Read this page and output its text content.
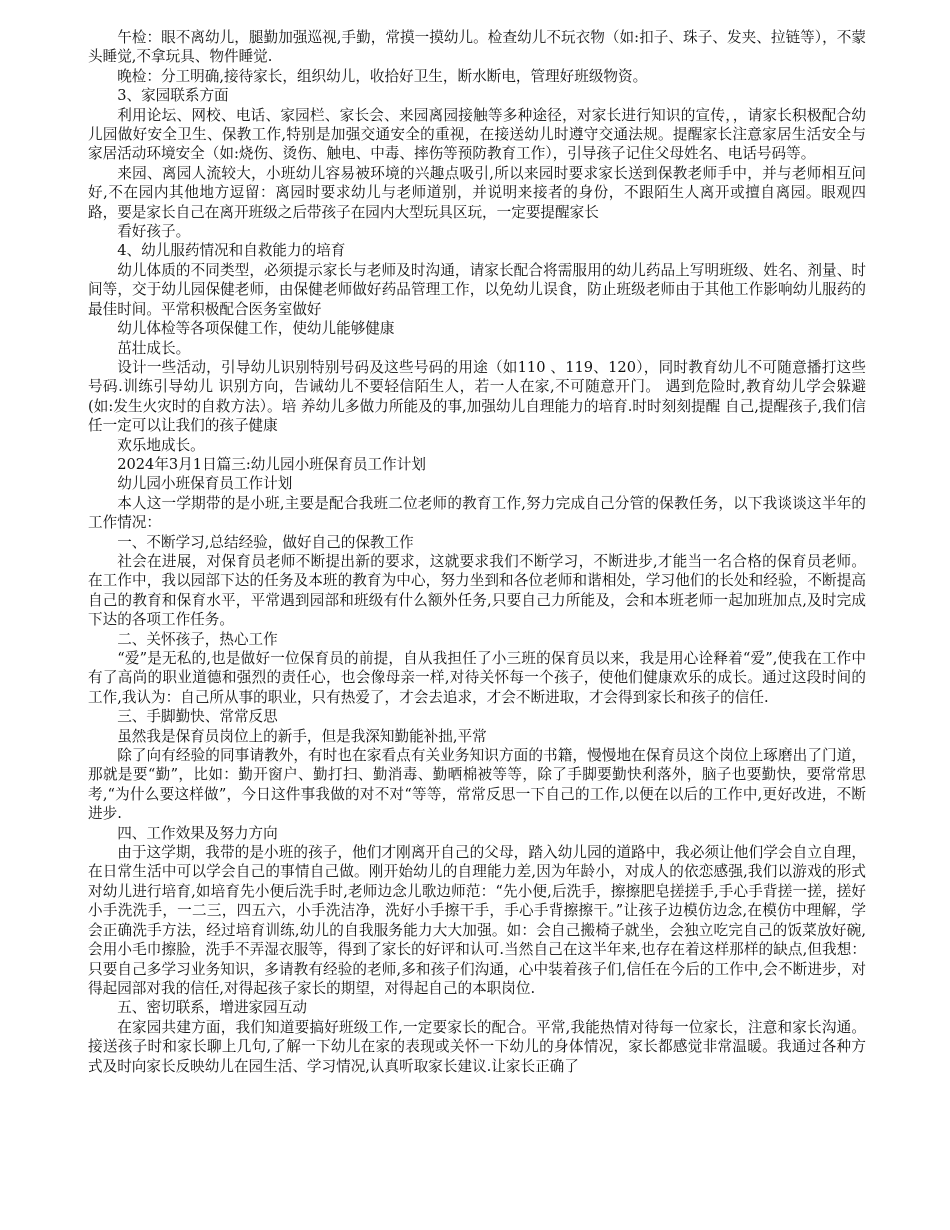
午检：眼不离幼儿，腿勤加强巡视,手勤，常摸一摸幼儿。检查幼儿不玩衣物（如:扣子、珠子、发夹、拉链等），不蒙头睡觉,不拿玩具、物件睡觉.

晚检：分工明确,接待家长，组织幼儿，收拾好卫生，断水断电，管理好班级物资。

3、家园联系方面

利用论坛、网校、电话、家园栏、家长会、来园离园接触等多种途径，对家长进行知识的宣传，，请家长积极配合幼儿园做好安全卫生、保教工作,特别是加强交通安全的重视，在接送幼儿时遵守交通法规。提醒家长注意家居生活安全与家居活动环境安全（如:烧伤、烫伤、触电、中毒、摔伤等预防教育工作），引导孩子记住父母姓名、电话号码等。

来园、离园人流较大，小班幼儿容易被环境的兴趣点吸引,所以来园时要求家长送到保教老师手中，并与老师相互问好,不在园内其他地方逗留：离园时要求幼儿与老师道别，并说明来接者的身份，不跟陌生人离开或擅自离园。眼观四路，要是家长自己在离开班级之后带孩子在园内大型玩具区玩，一定要提醒家长

看好孩子。

4、幼儿服药情况和自救能力的培育

幼儿体质的不同类型，必须提示家长与老师及时沟通，请家长配合将需服用的幼儿药品上写明班级、姓名、剂量、时间等，交于幼儿园保健老师，由保健老师做好药品管理工作，以免幼儿误食，防止班级老师由于其他工作影响幼儿服药的最佳时间。平常积极配合医务室做好

幼儿体检等各项保健工作，使幼儿能够健康

茁壮成长。

设计一些活动，引导幼儿识别特别号码及这些号码的用途（如110 、119、120），同时教育幼儿不可随意播打这些号码.训练引导幼儿 识别方向，告诫幼儿不要轻信陌生人，若一人在家,不可随意开门。 遇到危险时,教育幼儿学会躲避(如:发生火灾时的自救方法）。培 养幼儿多做力所能及的事,加强幼儿自理能力的培育.时时刻刻提醒 自己,提醒孩子,我们信任一定可以让我们的孩子健康

欢乐地成长。

2024年3月1日篇三:幼儿园小班保育员工作计划

幼儿园小班保育员工作计划

本人这一学期带的是小班,主要是配合我班二位老师的教育工作,努力完成自己分管的保教任务，以下我谈谈这半年的工作情况：

一、不断学习,总结经验，做好自己的保教工作

社会在进展，对保育员老师不断提出新的要求，这就要求我们不断学习，不断进步,才能当一名合格的保育员老师。在工作中，我以园部下达的任务及本班的教育为中心，努力坐到和各位老师和谐相处，学习他们的长处和经验，不断提高自己的教育和保育水平，平常遇到园部和班级有什么额外任务,只要自己力所能及，会和本班老师一起加班加点,及时完成下达的各项工作任务。

二、关怀孩子，热心工作

“爱”是无私的,也是做好一位保育员的前提，自从我担任了小三班的保育员以来，我是用心诠释着“爱”,使我在工作中有了高尚的职业道德和强烈的责任心，也会像母亲一样,对待关怀每一个孩子，使他们健康欢乐的成长。通过这段时间的工作,我认为：自己所从事的职业，只有热爱了，才会去追求，才会不断进取，才会得到家长和孩子的信任.

三、手脚勤快、常常反思

虽然我是保育员岗位上的新手，但是我深知勤能补拙,平常

除了向有经验的同事请教外，有时也在家看点有关业务知识方面的书籍，慢慢地在保育员这个岗位上琢磨出了门道，那就是要“勤”，比如：勤开窗户、勤打扫、勤消毒、勤晒棉被等等，除了手脚要勤快利落外，脑子也要勤快，要常常思考,“为什么要这样做”，今日这件事我做的对不对“等等，常常反思一下自己的工作,以便在以后的工作中,更好改进，不断进步.

四、工作效果及努力方向

由于这学期，我带的是小班的孩子，他们才刚离开自己的父母，踏入幼儿园的道路中，我必须让他们学会自立自理，在日常生活中可以学会自己的事情自己做。刚开始幼儿的自理能力差,因为年龄小，对成人的依恋感强,我们以游戏的形式对幼儿进行培育,如培育先小便后洗手时,老师边念儿歌边师范：“先小便,后洗手，擦擦肥皂搓搓手,手心手背搓一搓，搓好小手洗洗手，一二三，四五六，小手洗洁净，洗好小手擦干手，手心手背擦擦干。”让孩子边模仿边念,在模仿中理解，学会正确洗手方法，经过培育训练,幼儿的自我服务能力大大加强。如：会自己搬椅子就坐，会独立吃完自己的饭菜放好碗,会用小毛巾擦脸，洗手不弄湿衣服等，得到了家长的好评和认可.当然自己在这半年来,也存在着这样那样的缺点,但我想：只要自己多学习业务知识，多请教有经验的老师,多和孩子们沟通，心中装着孩子们,信任在今后的工作中,会不断进步，对得起园部对我的信任,对得起孩子家长的期望，对得起自己的本职岗位.

五、密切联系，增进家园互动

在家园共建方面，我们知道要搞好班级工作,一定要家长的配合。平常,我能热情对待每一位家长，注意和家长沟通。接送孩子时和家长聊上几句,了解一下幼儿在家的表现或关怀一下幼儿的身体情况，家长都感觉非常温暖。我通过各种方式及时向家长反映幼儿在园生活、学习情况,认真听取家长建议.让家长正确了
